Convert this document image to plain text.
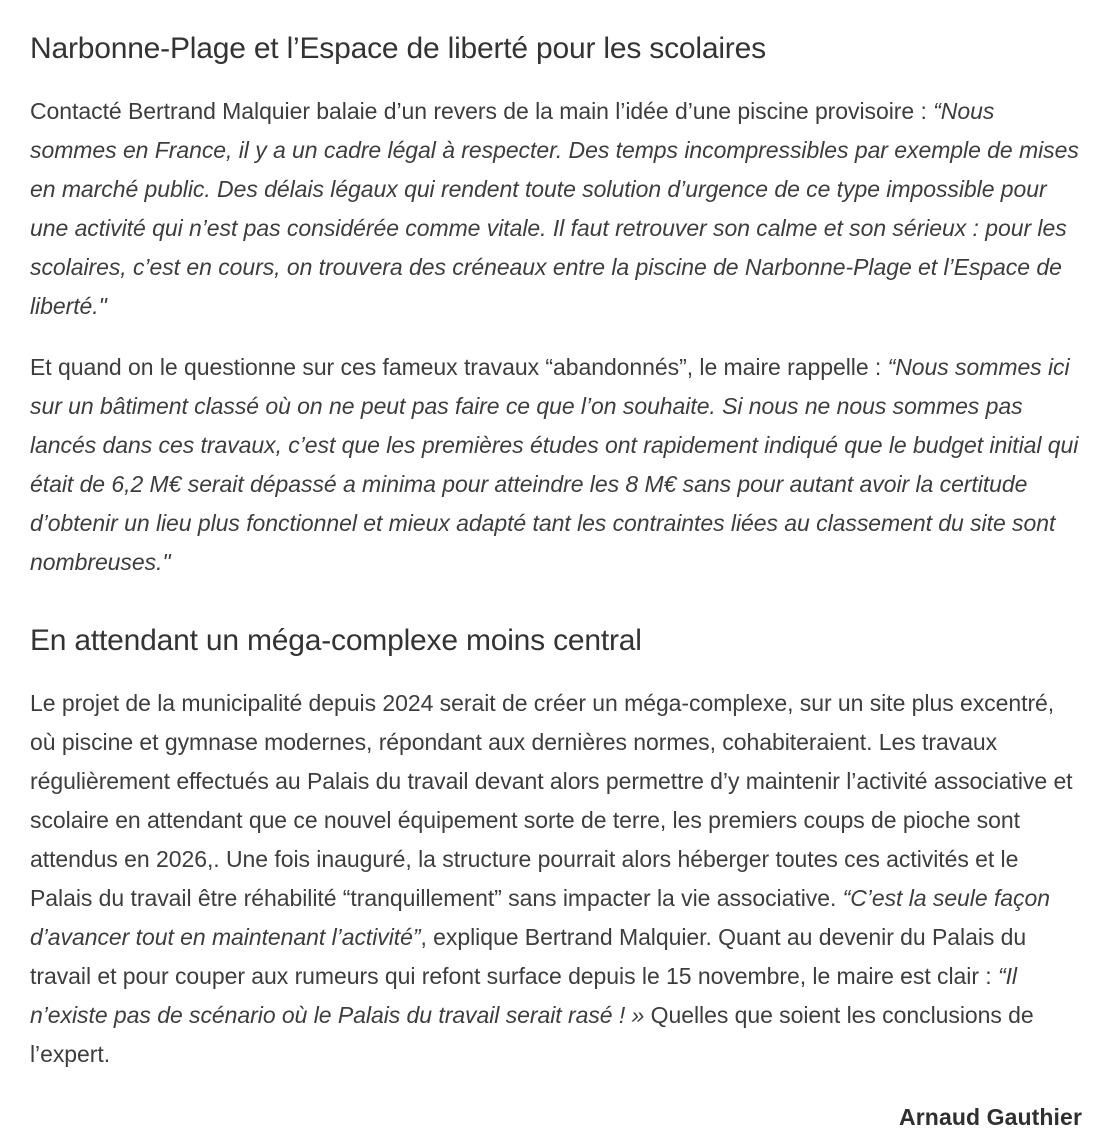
Narbonne-Plage et l’Espace de liberté pour les scolaires

Contacté Bertrand Malquier balaie d’un revers de la main l’idée d’une piscine provisoire : “Nous sommes en France, il y a un cadre légal à respecter. Des temps incompressibles par exemple de mises en marché public. Des délais légaux qui rendent toute solution d’urgence de ce type impossible pour une activité qui n’est pas considérée comme vitale. Il faut retrouver son calme et son sérieux : pour les scolaires, c’est en cours, on trouvera des créneaux entre la piscine de Narbonne-Plage et l’Espace de liberté."

Et quand on le questionne sur ces fameux travaux “abandonnés”, le maire rappelle : “Nous sommes ici sur un bâtiment classé où on ne peut pas faire ce que l’on souhaite. Si nous ne nous sommes pas lancés dans ces travaux, c’est que les premières études ont rapidement indiqué que le budget initial qui était de 6,2 M€ serait dépassé a minima pour atteindre les 8 M€ sans pour autant avoir la certitude d’obtenir un lieu plus fonctionnel et mieux adapté tant les contraintes liées au classement du site sont nombreuses."

En attendant un méga-complexe moins central

Le projet de la municipalité depuis 2024 serait de créer un méga-complexe, sur un site plus excentré, où piscine et gymnase modernes, répondant aux dernières normes, cohabiteraient. Les travaux régulièrement effectués au Palais du travail devant alors permettre d’y maintenir l’activité associative et scolaire en attendant que ce nouvel équipement sorte de terre, les premiers coups de pioche sont attendus en 2026,. Une fois inauguré, la structure pourrait alors héberger toutes ces activités et le Palais du travail être réhabilité “tranquillement” sans impacter la vie associative. “C’est la seule façon d’avancer tout en maintenant l’activité”, explique Bertrand Malquier. Quant au devenir du Palais du travail et pour couper aux rumeurs qui refont surface depuis le 15 novembre, le maire est clair : “Il n’existe pas de scénario où le Palais du travail serait rasé ! » Quelles que soient les conclusions de l’expert.

Arnaud Gauthier
